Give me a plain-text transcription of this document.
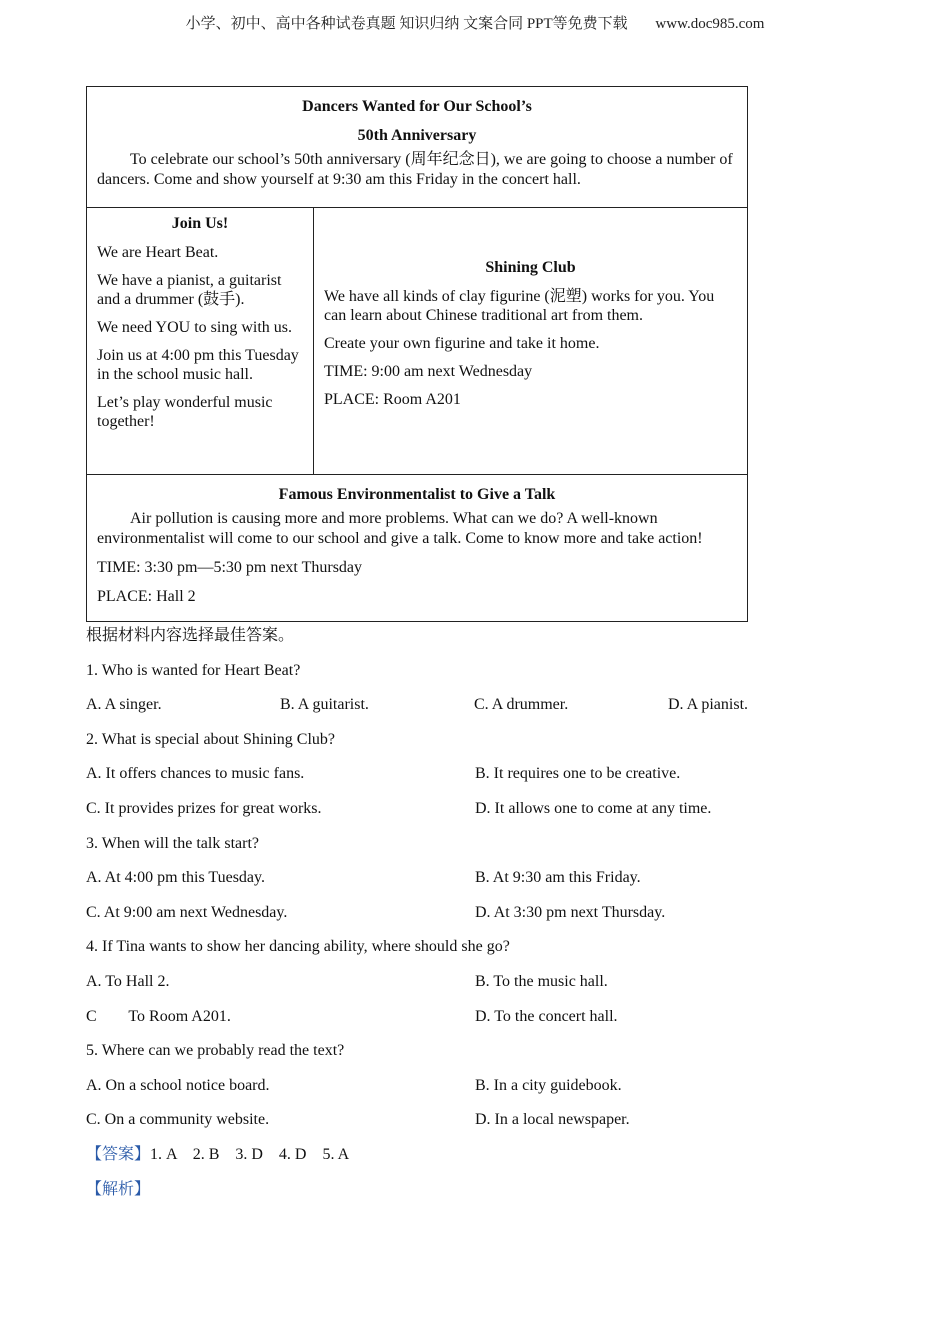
小学、初中、高中各种试卷真题 知识归纳 文案合同 PPT等免费下载 www.doc985.com
Dancers Wanted for Our School’s
50th Anniversary

To celebrate our school’s 50th anniversary (周年纪念日), we are going to choose a number of dancers. Come and show yourself at 9:30 am this Friday in the concert hall.

Join Us!

We are Heart Beat.

We have a pianist, a guitarist and a drummer (鼓手).

We need YOU to sing with us.

Join us at 4:00 pm this Tuesday in the school music hall.

Let’s play wonderful music together!

Shining Club

We have all kinds of clay figurine (泥塑) works for you. You can learn about Chinese traditional art from them.

Create your own figurine and take it home.

TIME: 9:00 am next Wednesday

PLACE: Room A201

Famous Environmentalist to Give a Talk

Air pollution is causing more and more problems. What can we do? A well-known environmentalist will come to our school and give a talk. Come to know more and take action!

TIME: 3:30 pm—5:30 pm next Thursday
PLACE: Hall 2
根据材料内容选择最佳答案。
1. Who is wanted for Heart Beat?
A. A singer.	B. A guitarist.	C. A drummer.	D. A pianist.
2. What is special about Shining Club?
A. It offers chances to music fans.	B. It requires one to be creative.
C. It provides prizes for great works.	D. It allows one to come at any time.
3. When will the talk start?
A. At 4:00 pm this Tuesday.	B. At 9:30 am this Friday.
C. At 9:00 am next Wednesday.	D. At 3:30 pm next Thursday.
4. If Tina wants to show her dancing ability, where should she go?
A. To Hall 2.	B. To the music hall.
C        To Room A201.	D. To the concert hall.
5. Where can we probably read the text?
A. On a school notice board.	B. In a city guidebook.
C. On a community website.	D. In a local newspaper.
【答案】1. A    2. B    3. D    4. D    5. A
【解析】
